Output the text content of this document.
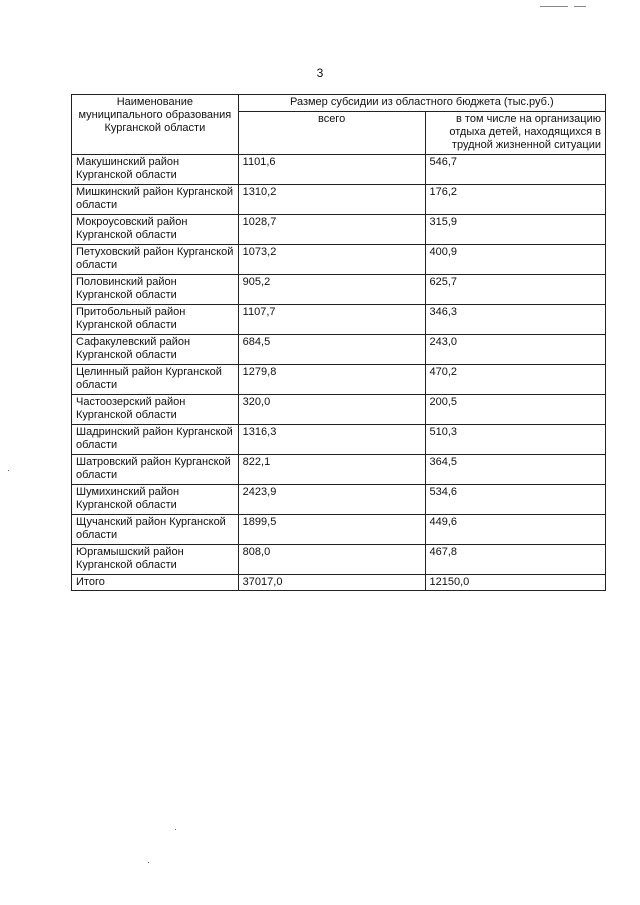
3
Наименование муниципального образования Курганской области	Размер субсидии из областного бюджета (тыс.руб.)	
	всего	в том числе на организацию отдыха детей, находящихся в трудной жизненной ситуации
Макушинский район Курганской области	1101,6	546,7
Мишкинский район Курганской области	1310,2	176,2
Мокроусовский район Курганской области	1028,7	315,9
Петуховский район Курганской области	1073,2	400,9
Половинский район Курганской области	905,2	625,7
Притобольный район Курганской области	1107,7	346,3
Сафакулевский район Курганской области	684,5	243,0
Целинный район Курганской области	1279,8	470,2
Частоозерский район Курганской области	320,0	200,5
Шадринский район Курганской области	1316,3	510,3
Шатровский район Курганской области	822,1	364,5
Шумихинский район Курганской области	2423,9	534,6
Щучанский район Курганской области	1899,5	449,6
Юргамышский район Курганской области	808,0	467,8
Итого	37017,0	12150,0
